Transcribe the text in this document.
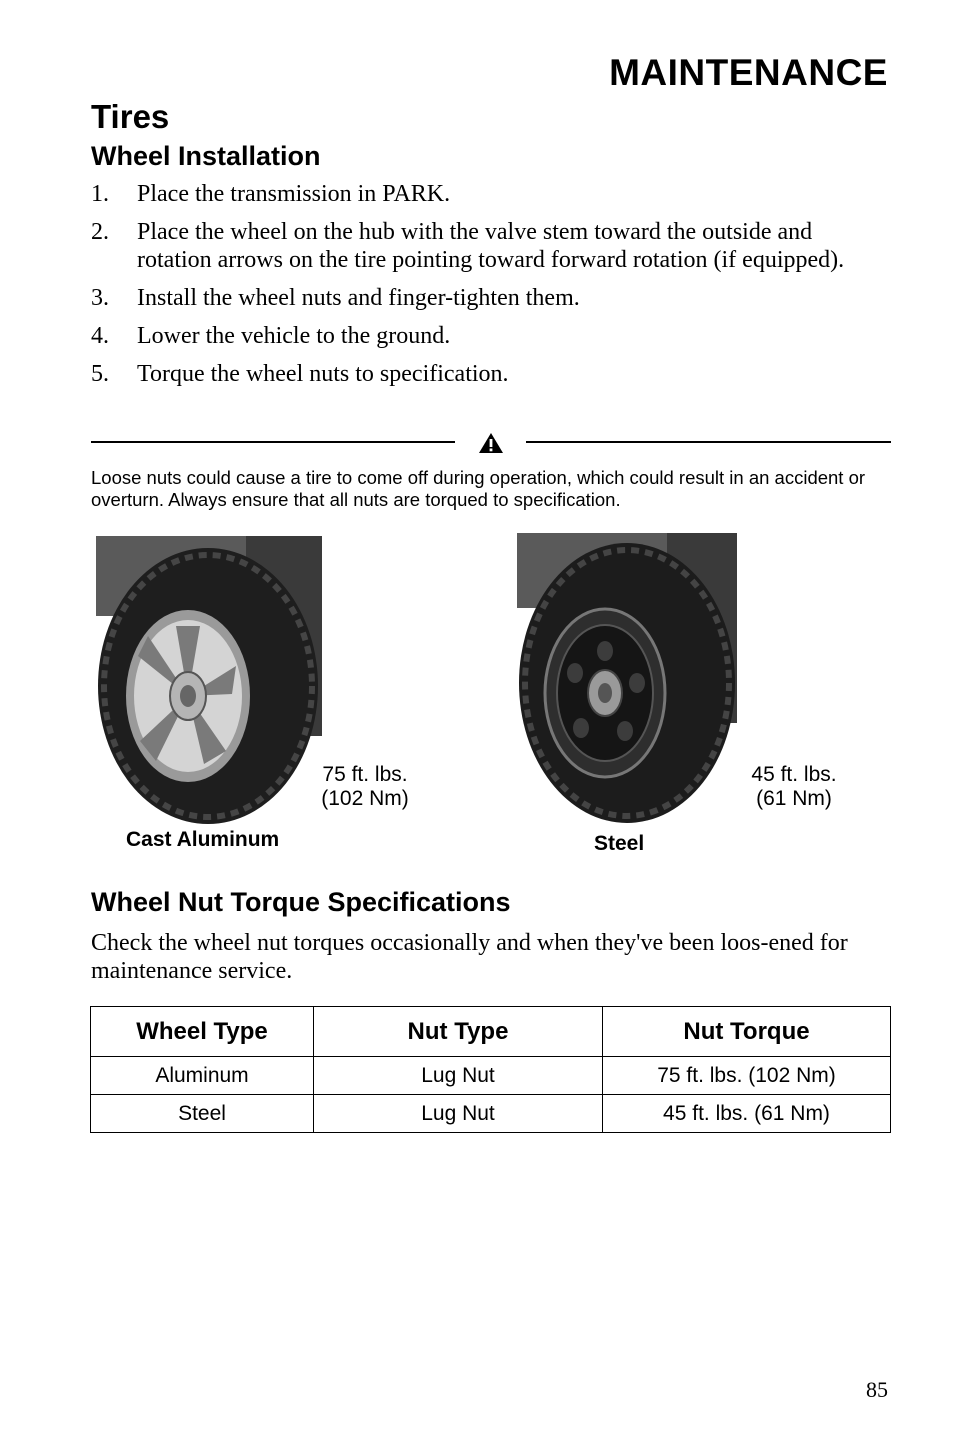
MAINTENANCE
Tires
Wheel Installation
1.	Place the transmission in PARK.
2.	Place the wheel on the hub with the valve stem toward the outside and rotation arrows on the tire pointing toward forward rotation (if equipped).
3.	Install the wheel nuts and finger-tighten them.
4.	Lower the vehicle to the ground.
5.	Torque the wheel nuts to specification.
Loose nuts could cause a tire to come off during operation, which could result in an accident or overturn. Always ensure that all nuts are torqued to specification.
75 ft. lbs.
(102 Nm)
Cast Aluminum
45 ft. lbs.
(61 Nm)
Steel
Wheel Nut Torque Specifications
Check the wheel nut torques occasionally and when they've been loos-ened for maintenance service.
Wheel Type	Nut Type	Nut Torque
Aluminum	Lug Nut	75 ft. lbs. (102 Nm)
Steel	Lug Nut	45 ft. lbs. (61 Nm)
85
